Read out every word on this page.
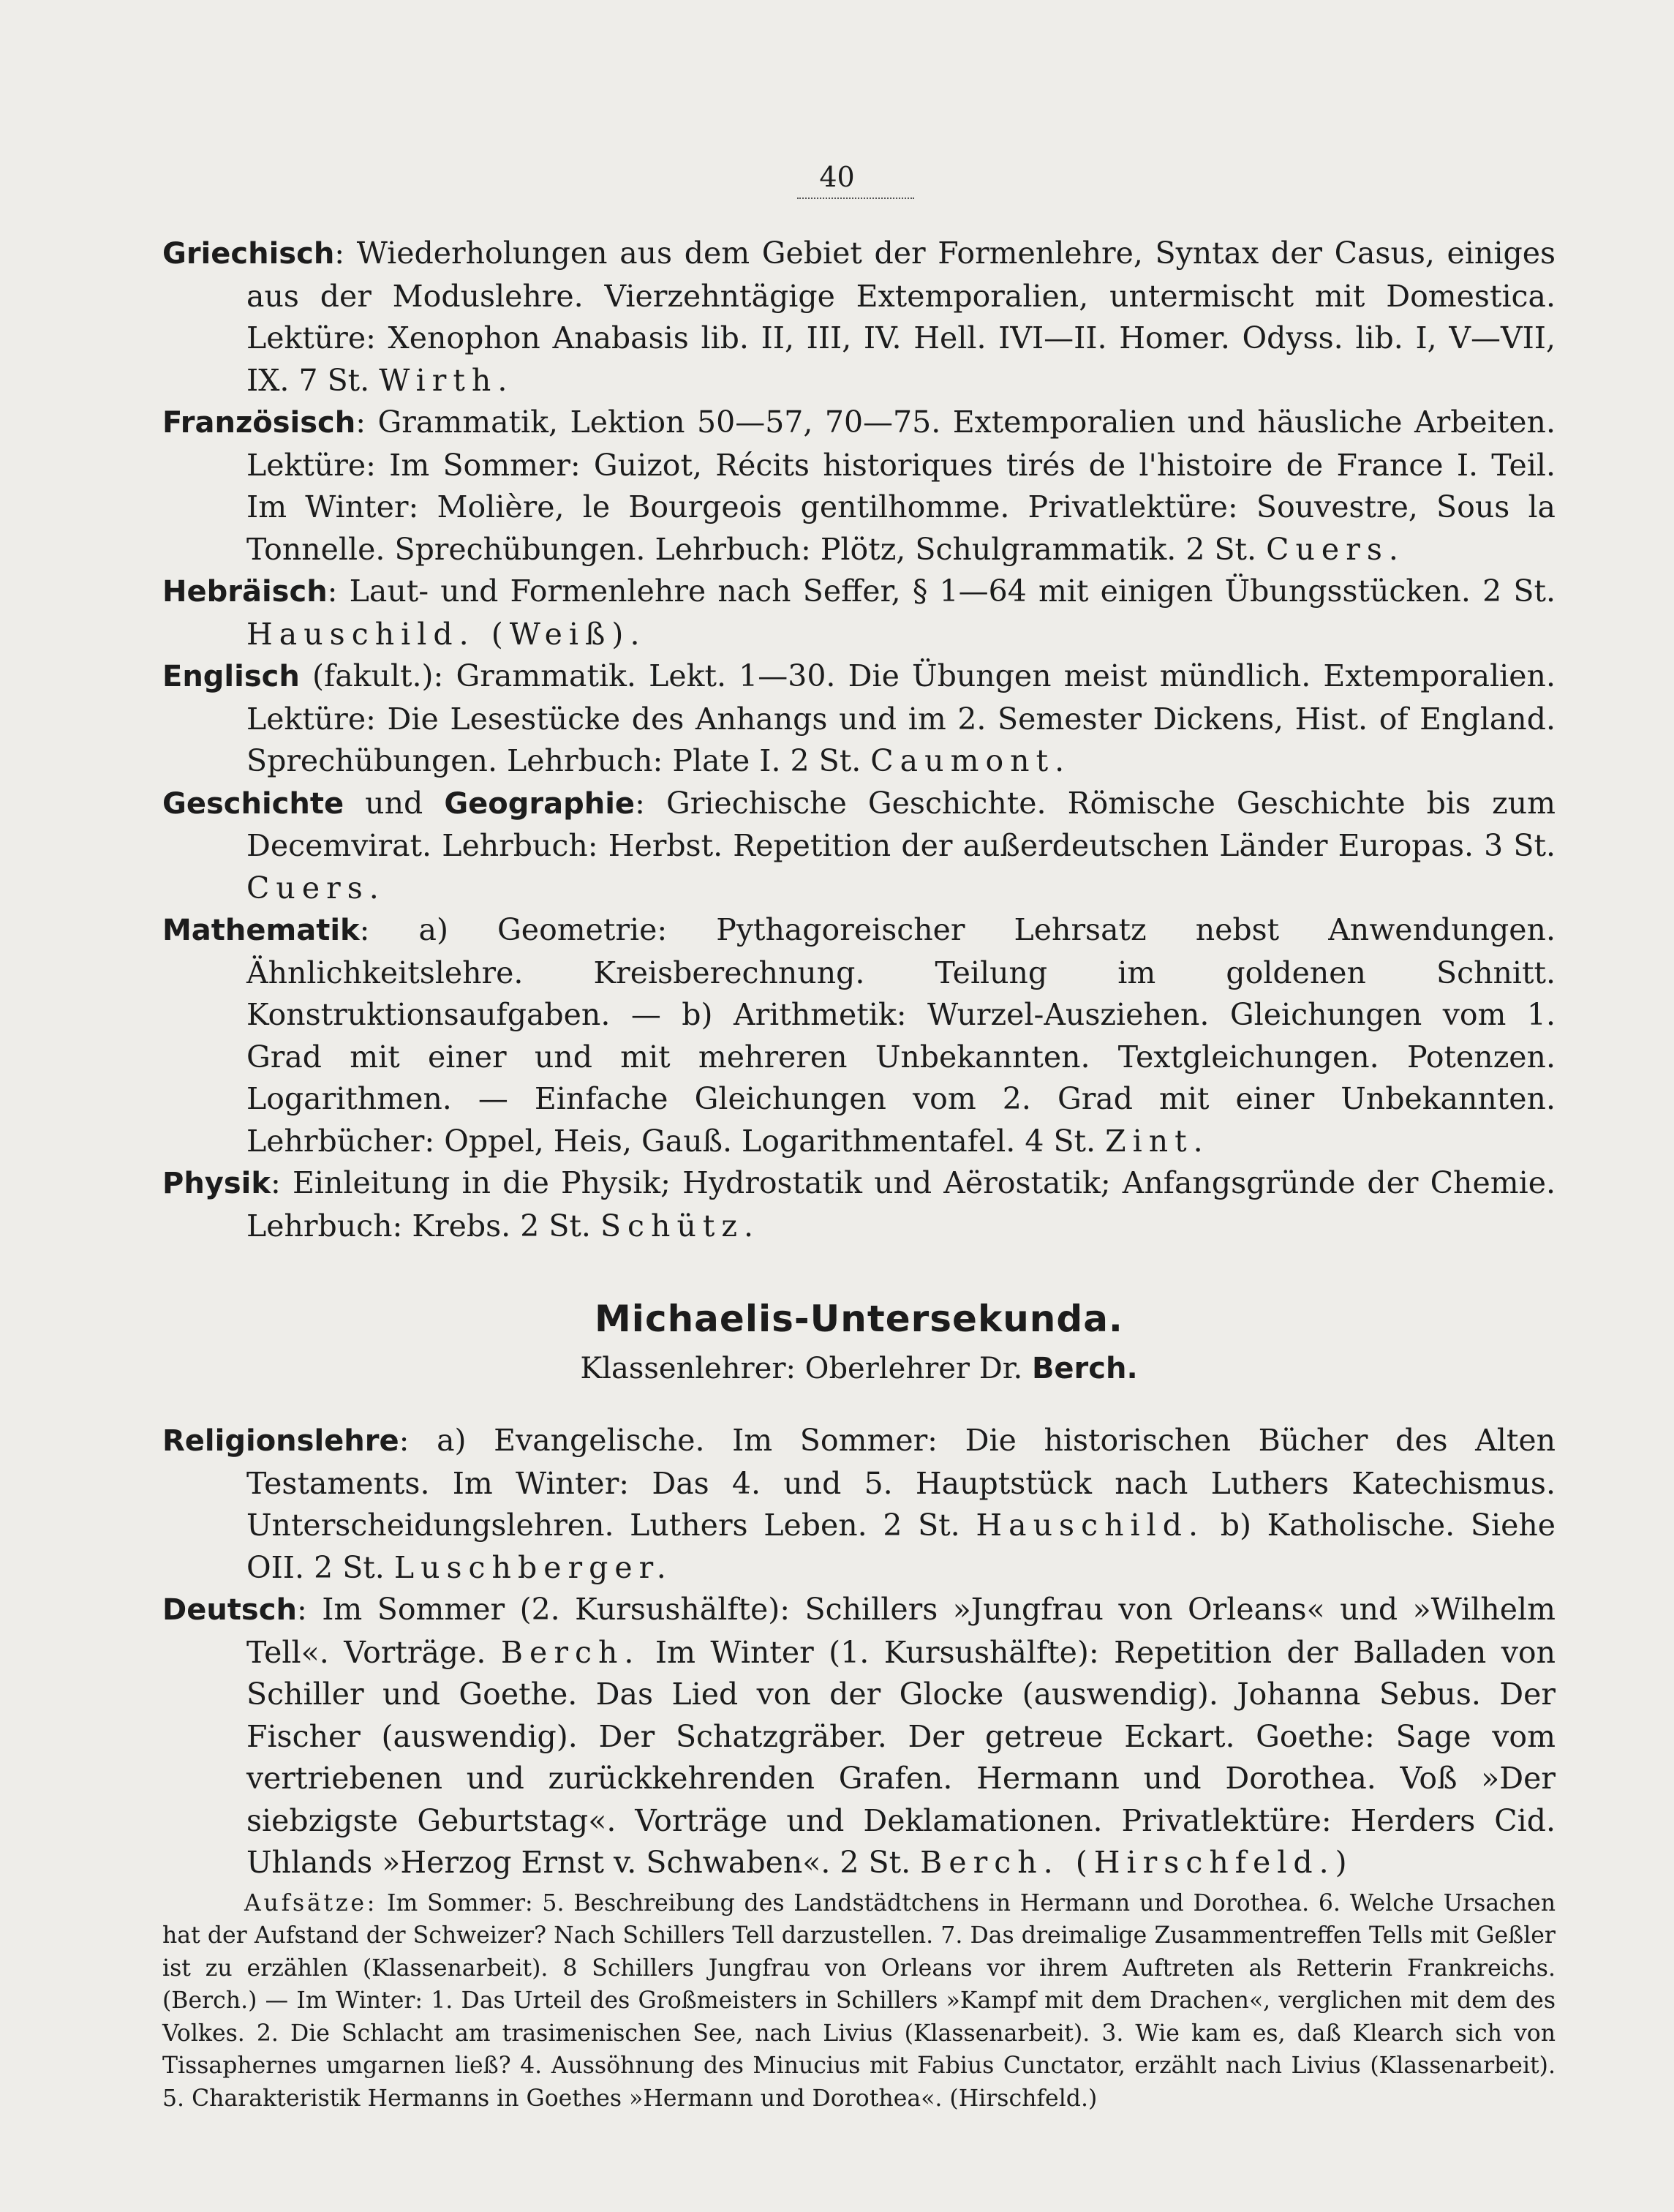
40

Griechisch: Wiederholungen aus dem Gebiet der Formenlehre, Syntax der Casus, einiges aus der Moduslehre. Vierzehntägige Extemporalien, untermischt mit Domestica. Lektüre: Xenophon Anabasis lib. II, III, IV. Hell. IVI—II. Homer. Odyss. lib. I, V—VII, IX. 7 St. Wirth.

Französisch: Grammatik, Lektion 50—57, 70—75. Extemporalien und häusliche Arbeiten. Lektüre: Im Sommer: Guizot, Récits historiques tirés de l'histoire de France I. Teil. Im Winter: Molière, le Bourgeois gentilhomme. Privatlektüre: Souvestre, Sous la Tonnelle. Sprechübungen. Lehrbuch: Plötz, Schulgrammatik. 2 St. Cuers.

Hebräisch: Laut- und Formenlehre nach Seffer, § 1—64 mit einigen Übungsstücken. 2 St. Hauschild. (Weiß).

Englisch (fakult.): Grammatik. Lekt. 1—30. Die Übungen meist mündlich. Extemporalien. Lektüre: Die Lesestücke des Anhangs und im 2. Semester Dickens, Hist. of England. Sprechübungen. Lehrbuch: Plate I. 2 St. Caumont.

Geschichte und Geographie: Griechische Geschichte. Römische Geschichte bis zum Decemvirat. Lehrbuch: Herbst. Repetition der außerdeutschen Länder Europas. 3 St. Cuers.

Mathematik: a) Geometrie: Pythagoreischer Lehrsatz nebst Anwendungen. Ähnlichkeitslehre. Kreisberechnung. Teilung im goldenen Schnitt. Konstruktionsaufgaben. — b) Arithmetik: Wurzel-Ausziehen. Gleichungen vom 1. Grad mit einer und mit mehreren Unbekannten. Textgleichungen. Potenzen. Logarithmen. — Einfache Gleichungen vom 2. Grad mit einer Unbekannten. Lehrbücher: Oppel, Heis, Gauß. Logarithmentafel. 4 St. Zint.

Physik: Einleitung in die Physik; Hydrostatik und Aërostatik; Anfangsgründe der Chemie. Lehrbuch: Krebs. 2 St. Schütz.

Michaelis-Untersekunda.
Klassenlehrer: Oberlehrer Dr. Berch.

Religionslehre: a) Evangelische. Im Sommer: Die historischen Bücher des Alten Testaments. Im Winter: Das 4. und 5. Hauptstück nach Luthers Katechismus. Unterscheidungslehren. Luthers Leben. 2 St. Hauschild. b) Katholische. Siehe OII. 2 St. Luschberger.

Deutsch: Im Sommer (2. Kursushälfte): Schillers »Jungfrau von Orleans« und »Wilhelm Tell«. Vorträge. Berch. Im Winter (1. Kursushälfte): Repetition der Balladen von Schiller und Goethe. Das Lied von der Glocke (auswendig). Johanna Sebus. Der Fischer (auswendig). Der Schatzgräber. Der getreue Eckart. Goethe: Sage vom vertriebenen und zurückkehrenden Grafen. Hermann und Dorothea. Voß »Der siebzigste Geburtstag«. Vorträge und Deklamationen. Privatlektüre: Herders Cid. Uhlands »Herzog Ernst v. Schwaben«. 2 St. Berch. (Hirschfeld.)

Aufsätze: Im Sommer: 5. Beschreibung des Landstädtchens in Hermann und Dorothea. 6. Welche Ursachen hat der Aufstand der Schweizer? Nach Schillers Tell darzustellen. 7. Das dreimalige Zusammentreffen Tells mit Geßler ist zu erzählen (Klassenarbeit). 8 Schillers Jungfrau von Orleans vor ihrem Auftreten als Retterin Frankreichs. (Berch.) — Im Winter: 1. Das Urteil des Großmeisters in Schillers »Kampf mit dem Drachen«, verglichen mit dem des Volkes. 2. Die Schlacht am trasimenischen See, nach Livius (Klassenarbeit). 3. Wie kam es, daß Klearch sich von Tissaphernes umgarnen ließ? 4. Aussöhnung des Minucius mit Fabius Cunctator, erzählt nach Livius (Klassenarbeit). 5. Charakteristik Hermanns in Goethes »Hermann und Dorothea«. (Hirschfeld.)
